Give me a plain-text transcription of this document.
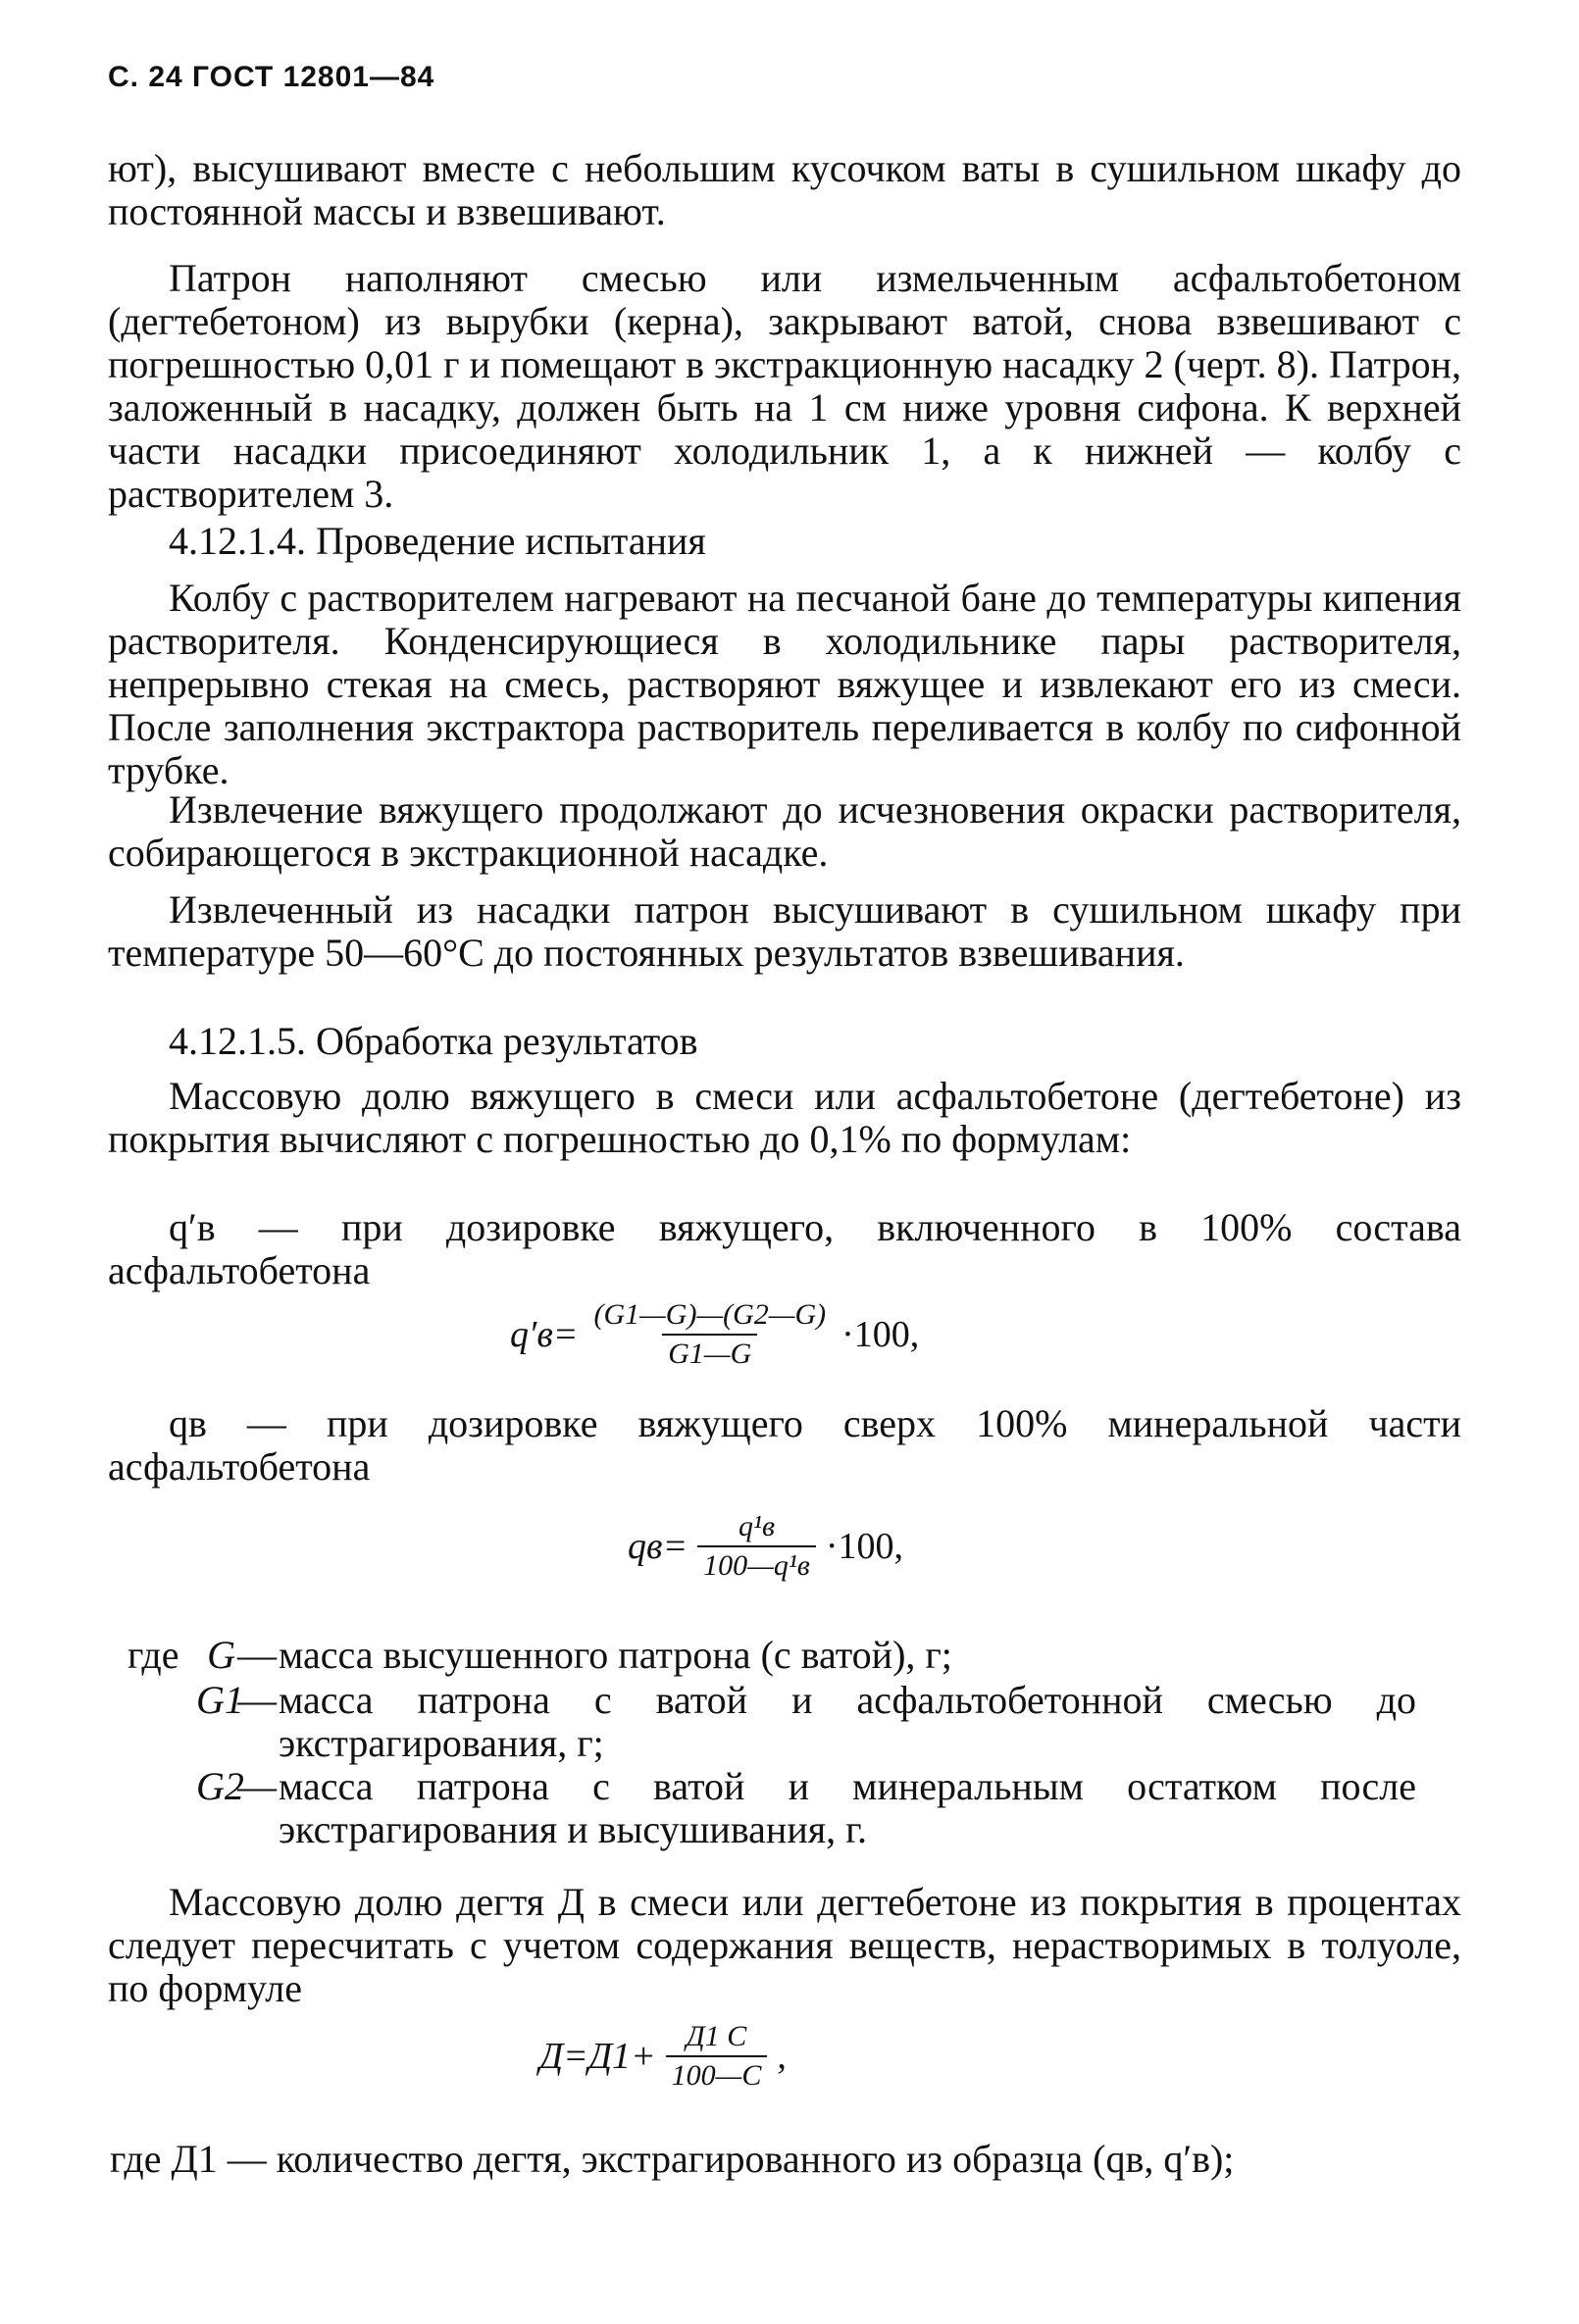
С. 24 ГОСТ 12801—84
ют), высушивают вместе с небольшим кусочком ваты в сушильном шкафу до постоянной массы и взвешивают.
Патрон наполняют смесью или измельченным асфальтобетоном (дегтебетоном) из вырубки (керна), закрывают ватой, снова взвешивают с погрешностью 0,01 г и помещают в экстракционную насадку 2 (черт. 8). Патрон, заложенный в насадку, должен быть на 1 см ниже уровня сифона. К верхней части насадки присоединяют холодильник 1, а к нижней — колбу с растворителем 3.
4.12.1.4. Проведение испытания
Колбу с растворителем нагревают на песчаной бане до температуры кипения растворителя. Конденсирующиеся в холодильнике пары растворителя, непрерывно стекая на смесь, растворяют вяжущее и извлекают его из смеси. После заполнения экстрактора растворитель переливается в колбу по сифонной трубке.
Извлечение вяжущего продолжают до исчезновения окраски растворителя, собирающегося в экстракционной насадке.
Извлеченный из насадки патрон высушивают в сушильном шкафу при температуре 50—60°С до постоянных результатов взвешивания.
4.12.1.5. Обработка результатов
Массовую долю вяжущего в смеси или асфальтобетоне (дегтебетоне) из покрытия вычисляют с погрешностью до 0,1% по формулам:
q′в — при дозировке вяжущего, включенного в 100% состава асфальтобетона
$q'в= \frac{(G1—G)—(G2—G)}{G1—G} \cdot 100$,
qв — при дозировке вяжущего сверх 100% минеральной части асфальтобетона
$qв= \frac{\text{q¹в}}{\text{100—q¹в}} \cdot 100$,
где G—масса высушенного патрона (с ватой), г;
G1—масса патрона с ватой и асфальтобетонной смесью до экстрагирования, г;
G2—масса патрона с ватой и минеральным остатком после экстрагирования и высушивания, г.
Массовую долю дегтя Д в смеси или дегтебетоне из покрытия в процентах следует пересчитать с учетом содержания веществ, нерастворимых в толуоле, по формуле
$Д=Д1+ \frac{Д1 C}{100—C}$ ,
где Д1 — количество дегтя, экстрагированного из образца (qв, q′в);
